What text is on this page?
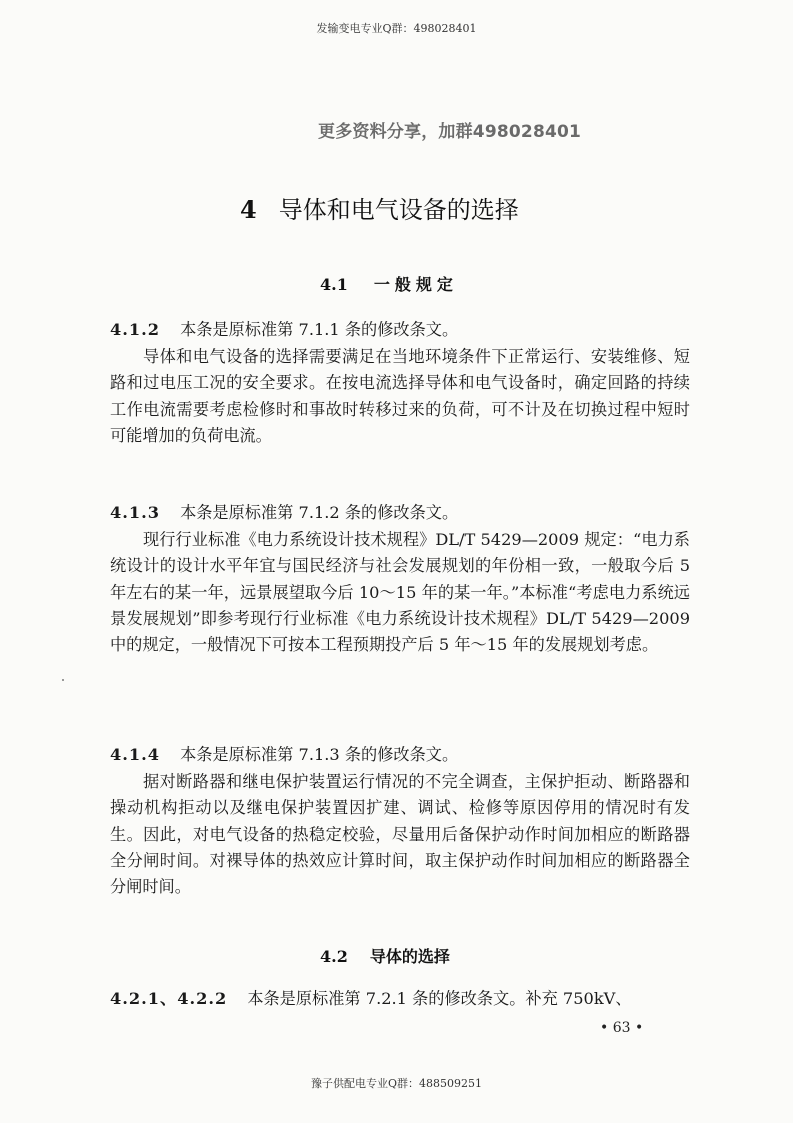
发输变电专业Q群：498028401
更多资料分享，加群498028401
4 导体和电气设备的选择
4.1 一般规定
4.1.2 本条是原标准第 7.1.1 条的修改条文。
导体和电气设备的选择需要满足在当地环境条件下正常运行、安装维修、短路和过电压工况的安全要求。在按电流选择导体和电气设备时，确定回路的持续工作电流需要考虑检修时和事故时转移过来的负荷，可不计及在切换过程中短时可能增加的负荷电流。
4.1.3 本条是原标准第 7.1.2 条的修改条文。
现行行业标准《电力系统设计技术规程》DL/T 5429—2009 规定：“电力系统设计的设计水平年宜与国民经济与社会发展规划的年份相一致，一般取今后 5 年左右的某一年，远景展望取今后 10～15 年的某一年。”本标准“考虑电力系统远景发展规划”即参考现行行业标准《电力系统设计技术规程》DL/T 5429—2009 中的规定，一般情况下可按本工程预期投产后 5 年～15 年的发展规划考虑。
4.1.4 本条是原标准第 7.1.3 条的修改条文。
据对断路器和继电保护装置运行情况的不完全调查，主保护拒动、断路器和操动机构拒动以及继电保护装置因扩建、调试、检修等原因停用的情况时有发生。因此，对电气设备的热稳定校验，尽量用后备保护动作时间加相应的断路器全分闸时间。对裸导体的热效应计算时间，取主保护动作时间加相应的断路器全分闸时间。
4.2 导体的选择
4.2.1、4.2.2 本条是原标准第 7.2.1 条的修改条文。补充 750kV、
• 63 •
豫子供配电专业Q群：488509251
